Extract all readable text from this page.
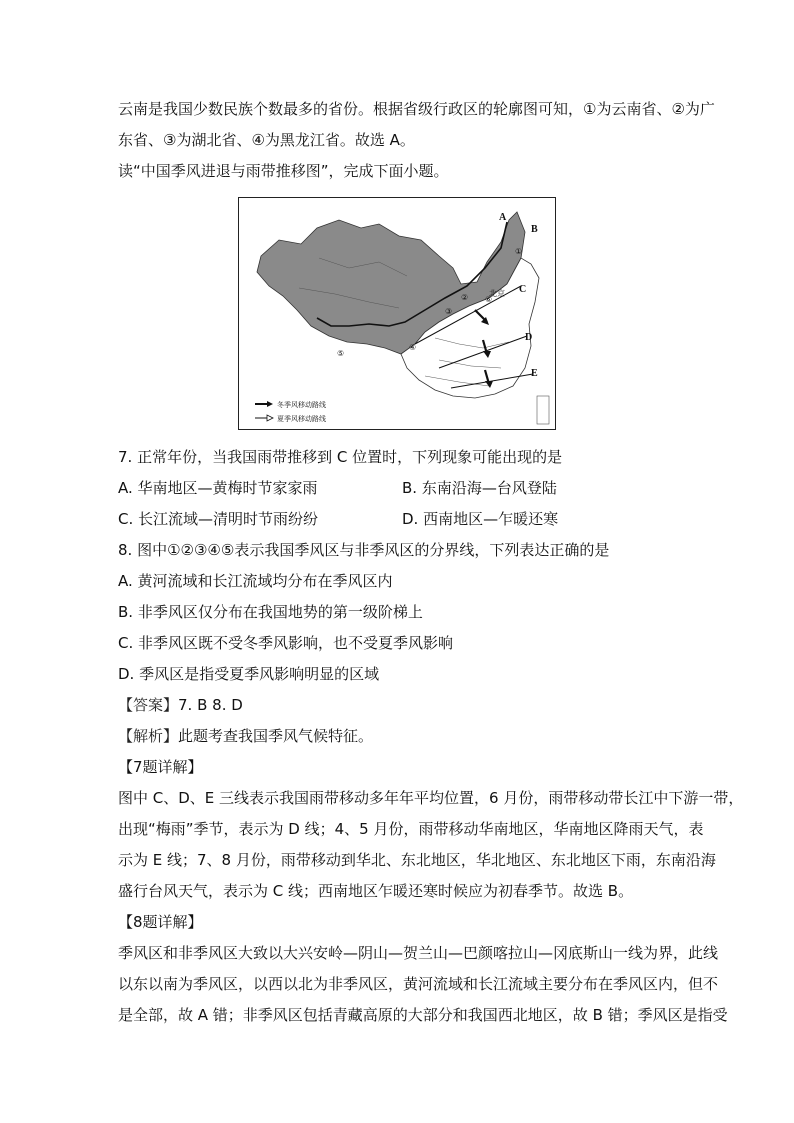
云南是我国少数民族个数最多的省份。根据省级行政区的轮廓图可知，①为云南省、②为广
东省、③为湖北省、④为黑龙江省。故选 A。
读“中国季风进退与雨带推移图”，完成下面小题。
A
B
C
D
E
北京
①
②
③
④
⑤
⑥
冬季风移动路线
夏季风移动路线
7. 正常年份，当我国雨带推移到 C 位置时，下列现象可能出现的是
A. 华南地区—黄梅时节家家雨	B. 东南沿海—台风登陆
C. 长江流域—清明时节雨纷纷	D. 西南地区—乍暖还寒
8. 图中①②③④⑤表示我国季风区与非季风区的分界线，下列表达正确的是
A. 黄河流域和长江流域均分布在季风区内
B. 非季风区仅分布在我国地势的第一级阶梯上
C. 非季风区既不受冬季风影响，也不受夏季风影响
D. 季风区是指受夏季风影响明显的区域
【答案】7. B 8. D
【解析】此题考查我国季风气候特征。
【7题详解】
图中 C、D、E 三线表示我国雨带移动多年年平均位置，6 月份，雨带移动带长江中下游一带，
出现“梅雨”季节，表示为 D 线；4、5 月份，雨带移动华南地区，华南地区降雨天气，表
示为 E 线；7、8 月份，雨带移动到华北、东北地区，华北地区、东北地区下雨，东南沿海
盛行台风天气，表示为 C 线；西南地区乍暖还寒时候应为初春季节。故选 B。
【8题详解】
季风区和非季风区大致以大兴安岭—阴山—贺兰山—巴颜喀拉山—冈底斯山一线为界，此线
以东以南为季风区，以西以北为非季风区，黄河流域和长江流域主要分布在季风区内，但不
是全部，故 A 错；非季风区包括青藏高原的大部分和我国西北地区，故 B 错；季风区是指受
